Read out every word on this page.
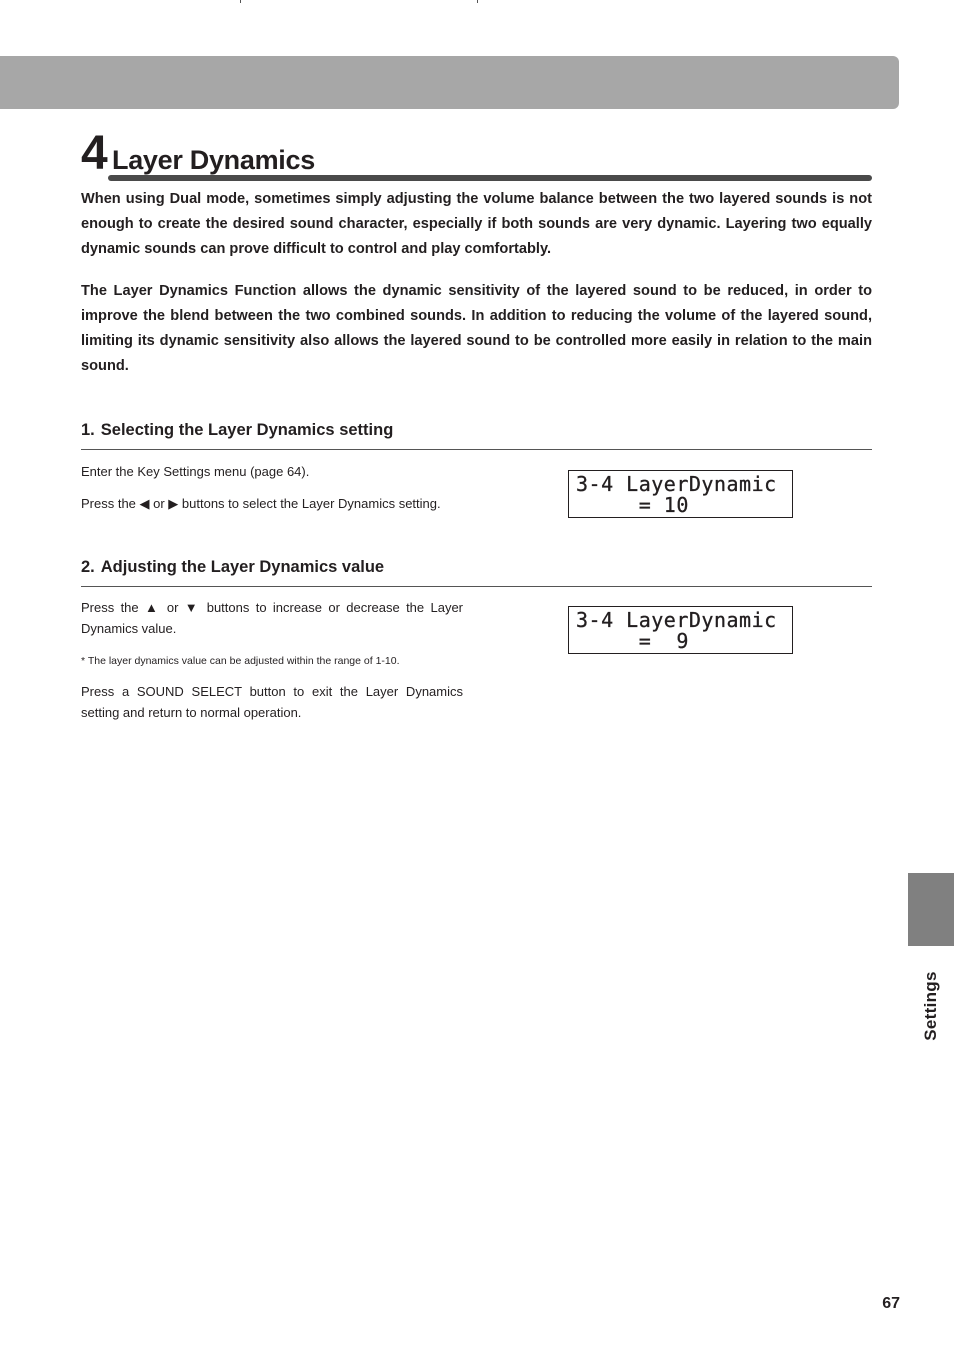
4 Layer Dynamics

When using Dual mode, sometimes simply adjusting the volume balance between the two layered sounds is not enough to create the desired sound character, especially if both sounds are very dynamic. Layering two equally dynamic sounds can prove difficult to control and play comfortably.

The Layer Dynamics Function allows the dynamic sensitivity of the layered sound to be reduced, in order to improve the blend between the two combined sounds. In addition to reducing the volume of the layered sound, limiting its dynamic sensitivity also allows the layered sound to be controlled more easily in relation to the main sound.

1. Selecting the Layer Dynamics setting

Enter the Key Settings menu (page 64).

Press the ◀ or ▶ buttons to select the Layer Dynamics setting.

3-4 LayerDynamic
= 10
2. Adjusting the Layer Dynamics value

Press the ▲ or ▼ buttons to increase or decrease the Layer Dynamics value.

* The layer dynamics value can be adjusted within the range of 1-10.

Press a SOUND SELECT button to exit the Layer Dynamics setting and return to normal operation.

3-4 LayerDynamic
=  9
Settings
67
